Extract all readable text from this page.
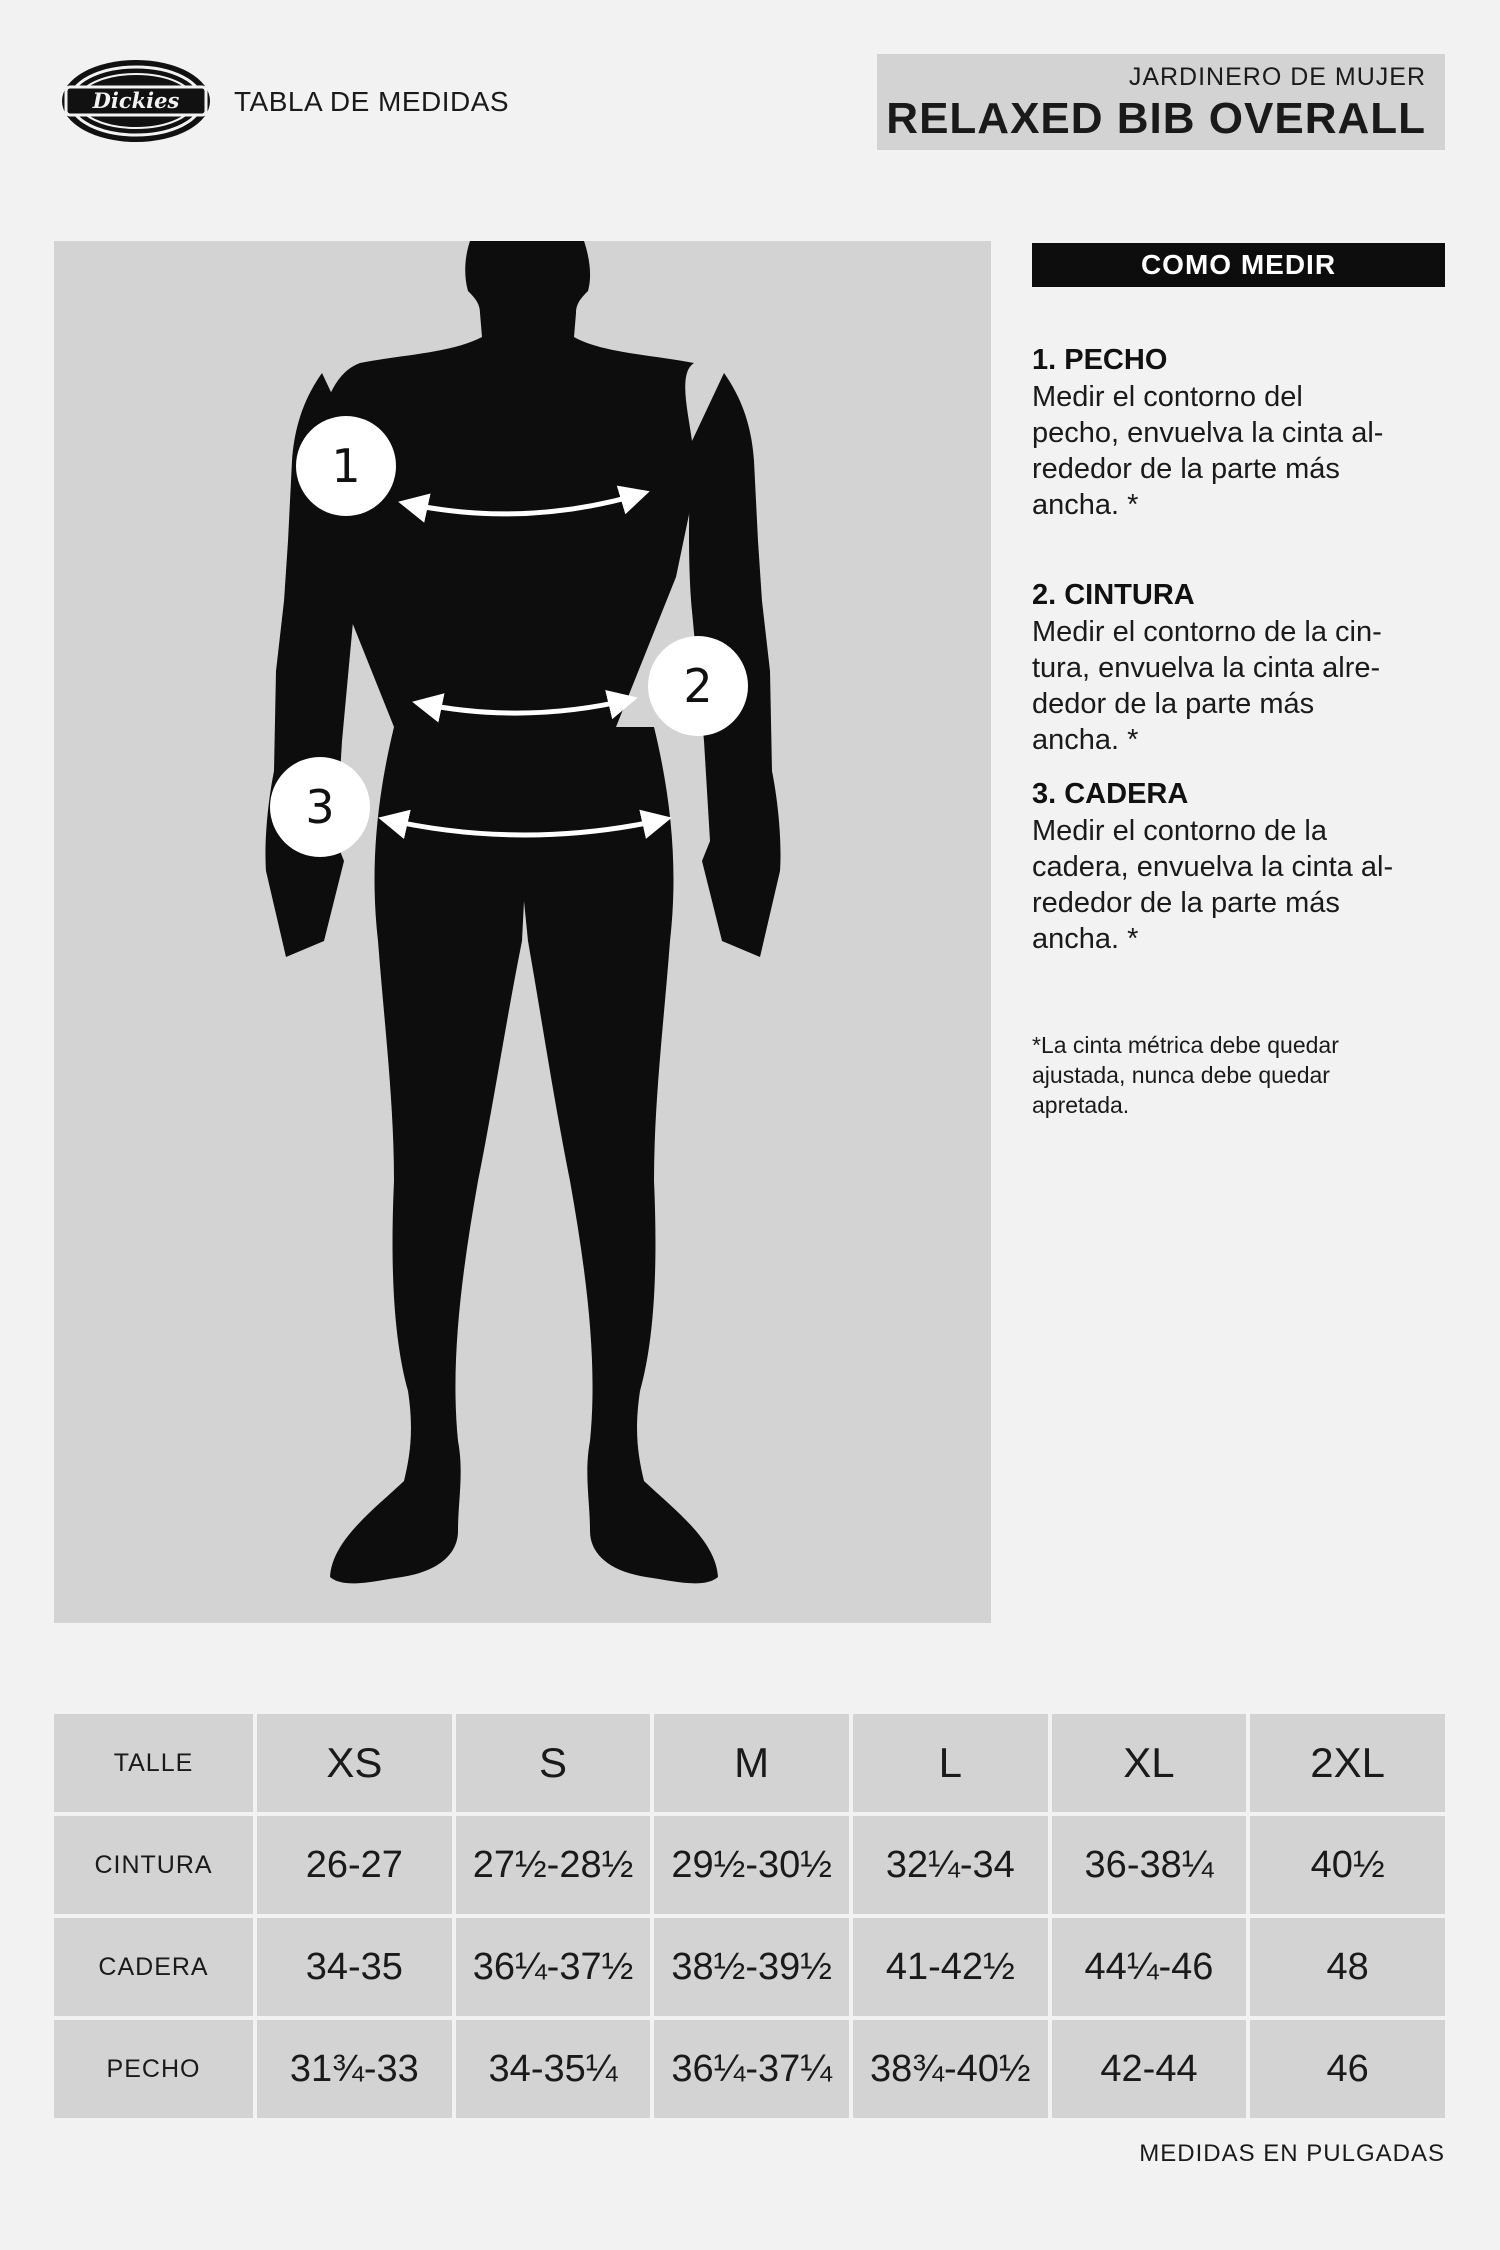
Dickies TABLA DE MEDIDAS
JARDINERO DE MUJER
RELAXED BIB OVERALL
1
2
3
COMO MEDIR

1. PECHO

Medir el contorno del

pecho, envuelva la cinta al-

rededor de la parte más

ancha. *

2. CINTURA

Medir el contorno de la cin-

tura, envuelva la cinta alre-

dedor de la parte más

ancha. *

3. CADERA

Medir el contorno de la

cadera, envuelva la cinta al-

rededor de la parte más

ancha. *

*La cinta métrica debe quedar
ajustada, nunca debe quedar
apretada.
TALLE	XS	S	M	L	XL	2XL
CINTURA	26-27	27½-28½	29½-30½	32¼-34	36-38¼	40½
CADERA	34-35	36¼-37½	38½-39½	41-42½	44¼-46	48
PECHO	31¾-33	34-35¼	36¼-37¼	38¾-40½	42-44	46
MEDIDAS EN PULGADAS
